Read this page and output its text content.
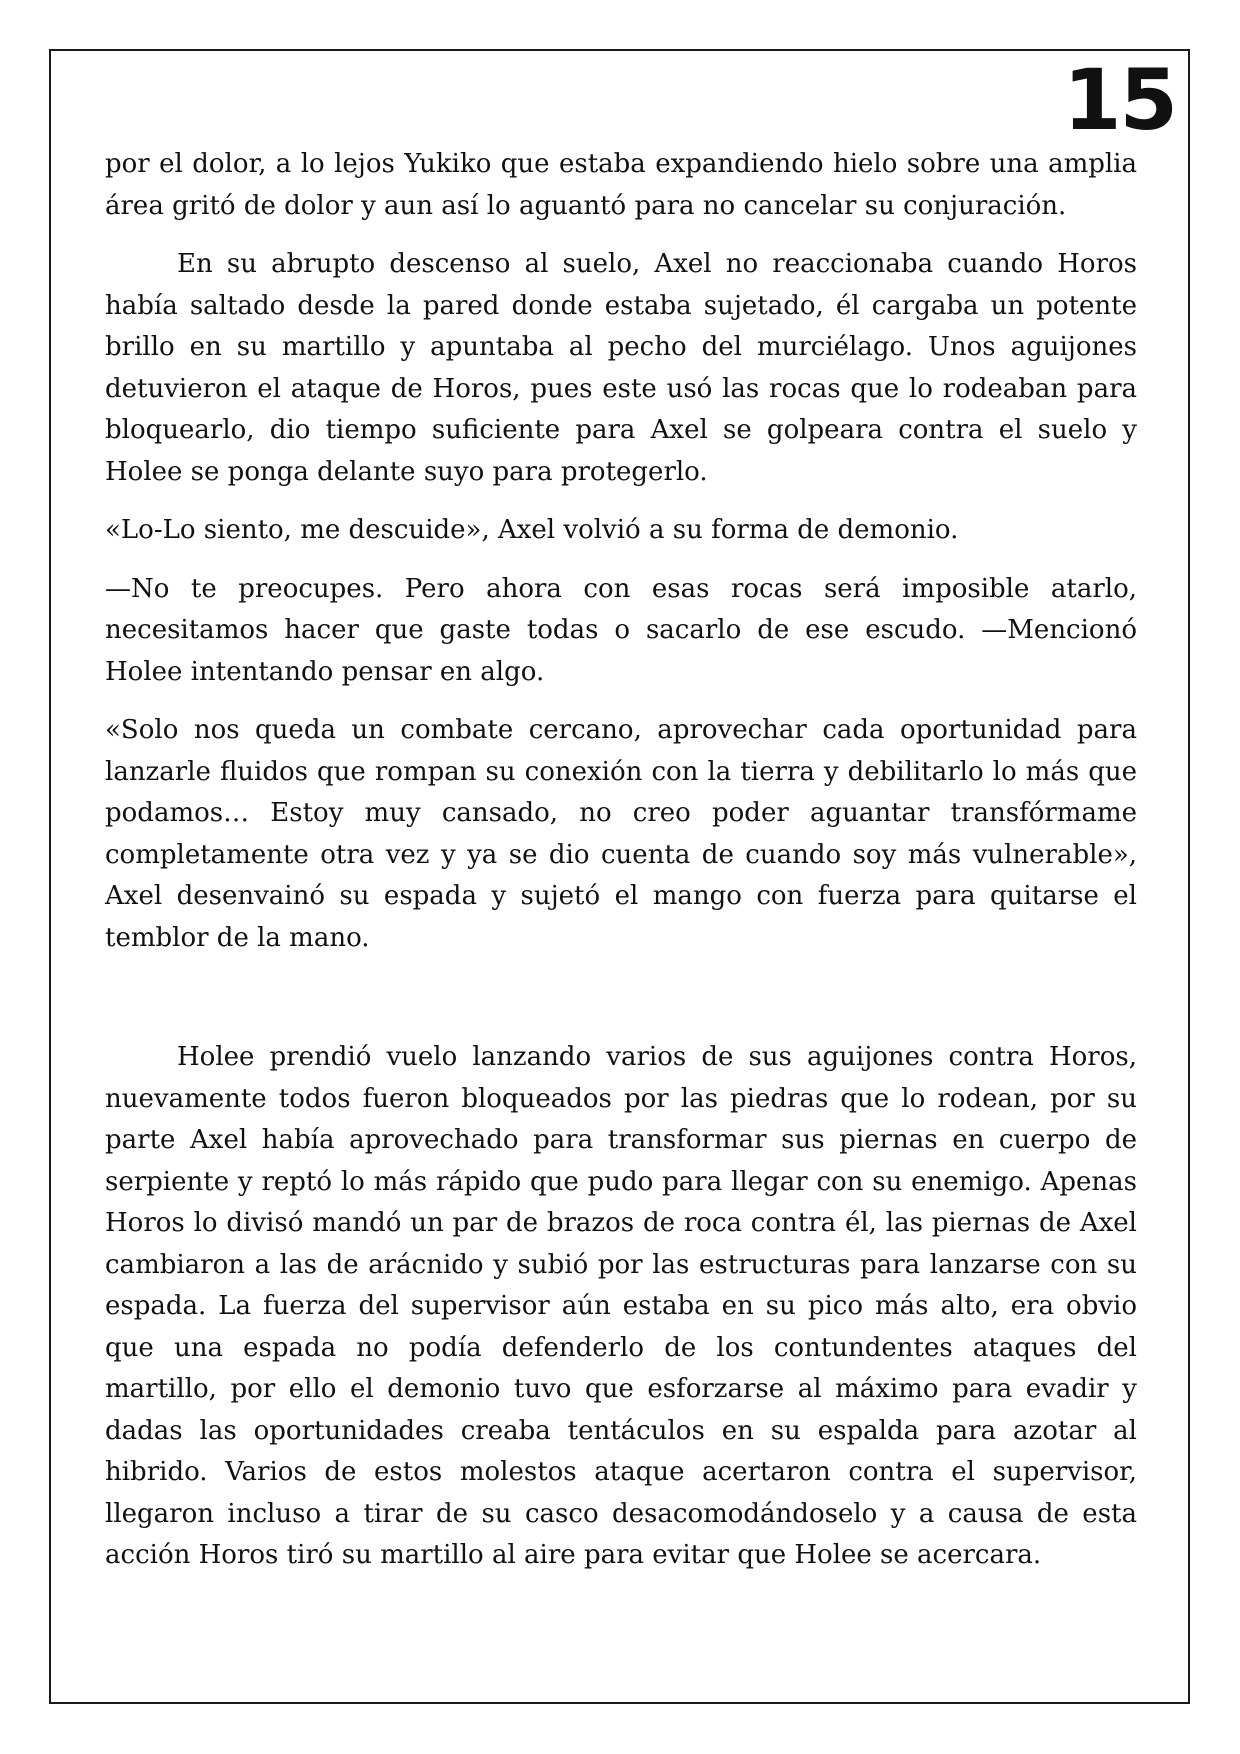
15

por el dolor, a lo lejos Yukiko que estaba expandiendo hielo sobre una amplia área gritó de dolor y aun así lo aguantó para no cancelar su conjuración.

En su abrupto descenso al suelo, Axel no reaccionaba cuando Horos había saltado desde la pared donde estaba sujetado, él cargaba un potente brillo en su martillo y apuntaba al pecho del murciélago. Unos aguijones detuvieron el ataque de Horos, pues este usó las rocas que lo rodeaban para bloquearlo, dio tiempo suficiente para Axel se golpeara contra el suelo y Holee se ponga delante suyo para protegerlo.

«Lo-Lo siento, me descuide», Axel volvió a su forma de demonio.

—No te preocupes. Pero ahora con esas rocas será imposible atarlo, necesitamos hacer que gaste todas o sacarlo de ese escudo. —Mencionó Holee intentando pensar en algo.

«Solo nos queda un combate cercano, aprovechar cada oportunidad para lanzarle fluidos que rompan su conexión con la tierra y debilitarlo lo más que podamos… Estoy muy cansado, no creo poder aguantar transfórmame completamente otra vez y ya se dio cuenta de cuando soy más vulnerable», Axel desenvainó su espada y sujetó el mango con fuerza para quitarse el temblor de la mano.

Holee prendió vuelo lanzando varios de sus aguijones contra Horos, nuevamente todos fueron bloqueados por las piedras que lo rodean, por su parte Axel había aprovechado para transformar sus piernas en cuerpo de serpiente y reptó lo más rápido que pudo para llegar con su enemigo. Apenas Horos lo divisó mandó un par de brazos de roca contra él, las piernas de Axel cambiaron a las de arácnido y subió por las estructuras para lanzarse con su espada. La fuerza del supervisor aún estaba en su pico más alto, era obvio que una espada no podía defenderlo de los contundentes ataques del martillo, por ello el demonio tuvo que esforzarse al máximo para evadir y dadas las oportunidades creaba tentáculos en su espalda para azotar al hibrido. Varios de estos molestos ataque acertaron contra el supervisor, llegaron incluso a tirar de su casco desacomodándoselo y a causa de esta acción Horos tiró su martillo al aire para evitar que Holee se acercara.
